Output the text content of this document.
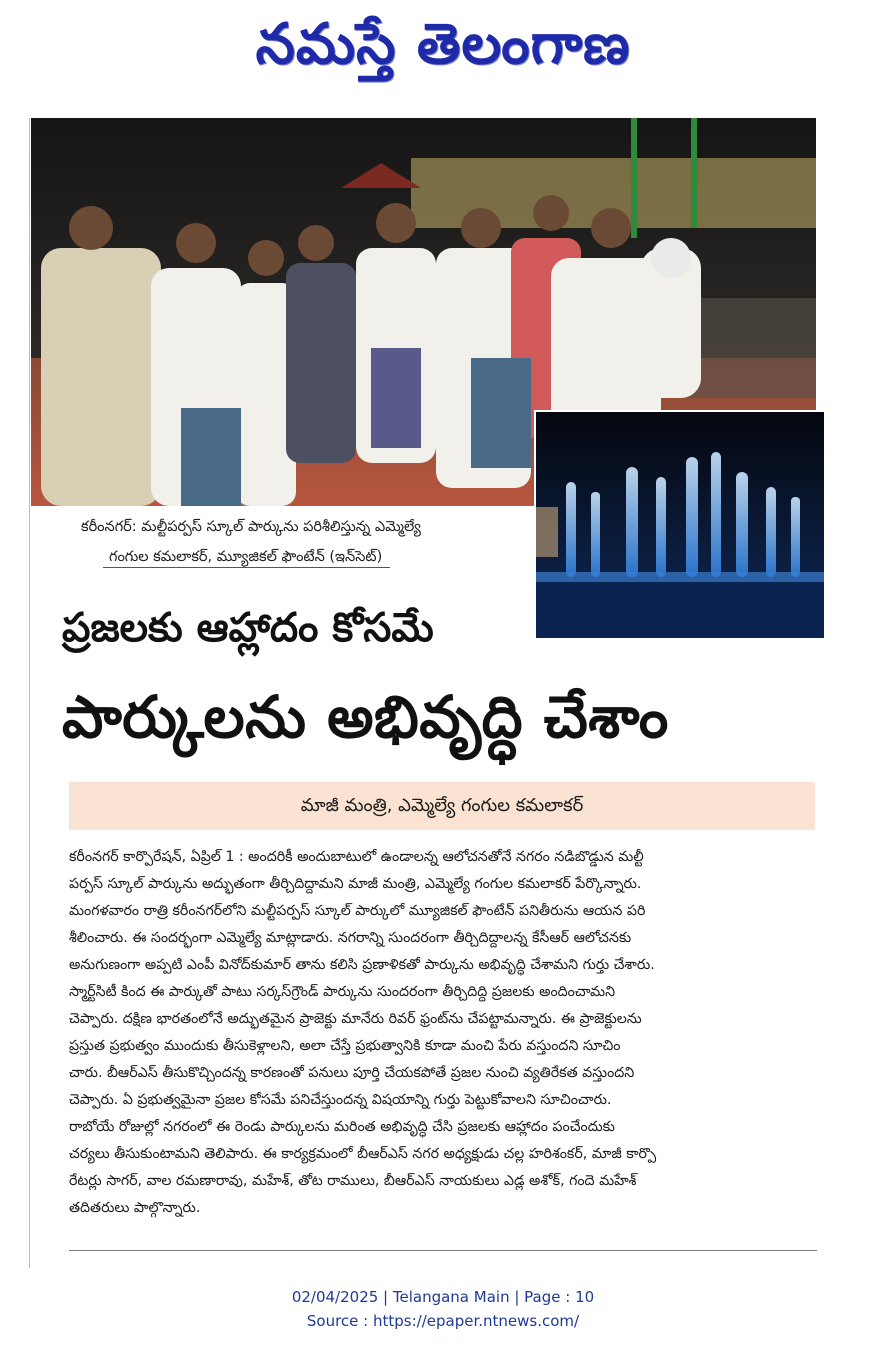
నమస్తే తెలంగాణ
కరీంనగర్: మల్టీపర్పస్ స్కూల్ పార్కును పరిశీలిస్తున్న ఎమ్మెల్యే
గంగుల కమలాకర్, మ్యూజికల్ ఫౌంటేన్ (ఇన్‌సెట్)
ప్రజలకు ఆహ్లాదం కోసమే
పార్కులను అభివృద్ధి చేశాం
మాజీ మంత్రి, ఎమ్మెల్యే గంగుల కమలాకర్
కరీంనగర్ కార్పొరేషన్, ఏప్రిల్ 1 : అందరికీ అందుబాటులో ఉండాలన్న ఆలోచనతోనే నగరం నడిబొడ్డున మల్టీ
పర్పస్ స్కూల్ పార్కును అద్భుతంగా తీర్చిదిద్దామని మాజీ మంత్రి, ఎమ్మెల్యే గంగుల కమలాకర్ పేర్కొన్నారు.
మంగళవారం రాత్రి కరీంనగర్‌లోని మల్టీపర్పస్ స్కూల్ పార్కులో మ్యూజికల్ ఫౌంటేన్ పనితీరును ఆయన పరి
శీలించారు. ఈ సందర్భంగా ఎమ్మెల్యే మాట్లాడారు. నగరాన్ని సుందరంగా తీర్చిదిద్దాలన్న కేసీఆర్ ఆలోచనకు
అనుగుణంగా అప్పటి ఎంపీ వినోద్‌కుమార్ తాను కలిసి ప్రణాళికతో పార్కును అభివృద్ధి చేశామని గుర్తు చేశారు.
స్మార్ట్‌సిటీ కింద ఈ పార్కుతో పాటు సర్కస్‌గ్రౌండ్ పార్కును సుందరంగా తీర్చిదిద్ది ప్రజలకు అందించామని
చెప్పారు. దక్షిణ భారతంలోనే అద్భుతమైన ప్రాజెక్టు మానేరు రివర్ ఫ్రంట్‌ను చేపట్టామన్నారు. ఈ ప్రాజెక్టులను
ప్రస్తుత ప్రభుత్వం ముందుకు తీసుకెళ్లాలని, అలా చేస్తే ప్రభుత్వానికి కూడా మంచి పేరు వస్తుందని సూచిం
చారు. బీఆర్ఎస్ తీసుకొచ్చిందన్న కారణంతో పనులు పూర్తి చేయకపోతే ప్రజల నుంచి వ్యతిరేకత వస్తుందని
చెప్పారు. ఏ ప్రభుత్వమైనా ప్రజల కోసమే పనిచేస్తుందన్న విషయాన్ని గుర్తు పెట్టుకోవాలని సూచించారు.
రాబోయే రోజుల్లో నగరంలో ఈ రెండు పార్కులను మరింత అభివృద్ధి చేసి ప్రజలకు ఆహ్లాదం పంచేందుకు
చర్యలు తీసుకుంటామని తెలిపారు. ఈ కార్యక్రమంలో బీఆర్ఎస్ నగర అధ్యక్షుడు చల్ల హరిశంకర్, మాజీ కార్పొ
రేటర్లు సాగర్, వాల రమణారావు, మహేశ్, తోట రాములు, బీఆర్ఎస్ నాయకులు ఎడ్ల అశోక్, గందె మహేశ్
తదితరులు పాల్గొన్నారు.
02/04/2025 | Telangana Main | Page : 10
Source : https://epaper.ntnews.com/
